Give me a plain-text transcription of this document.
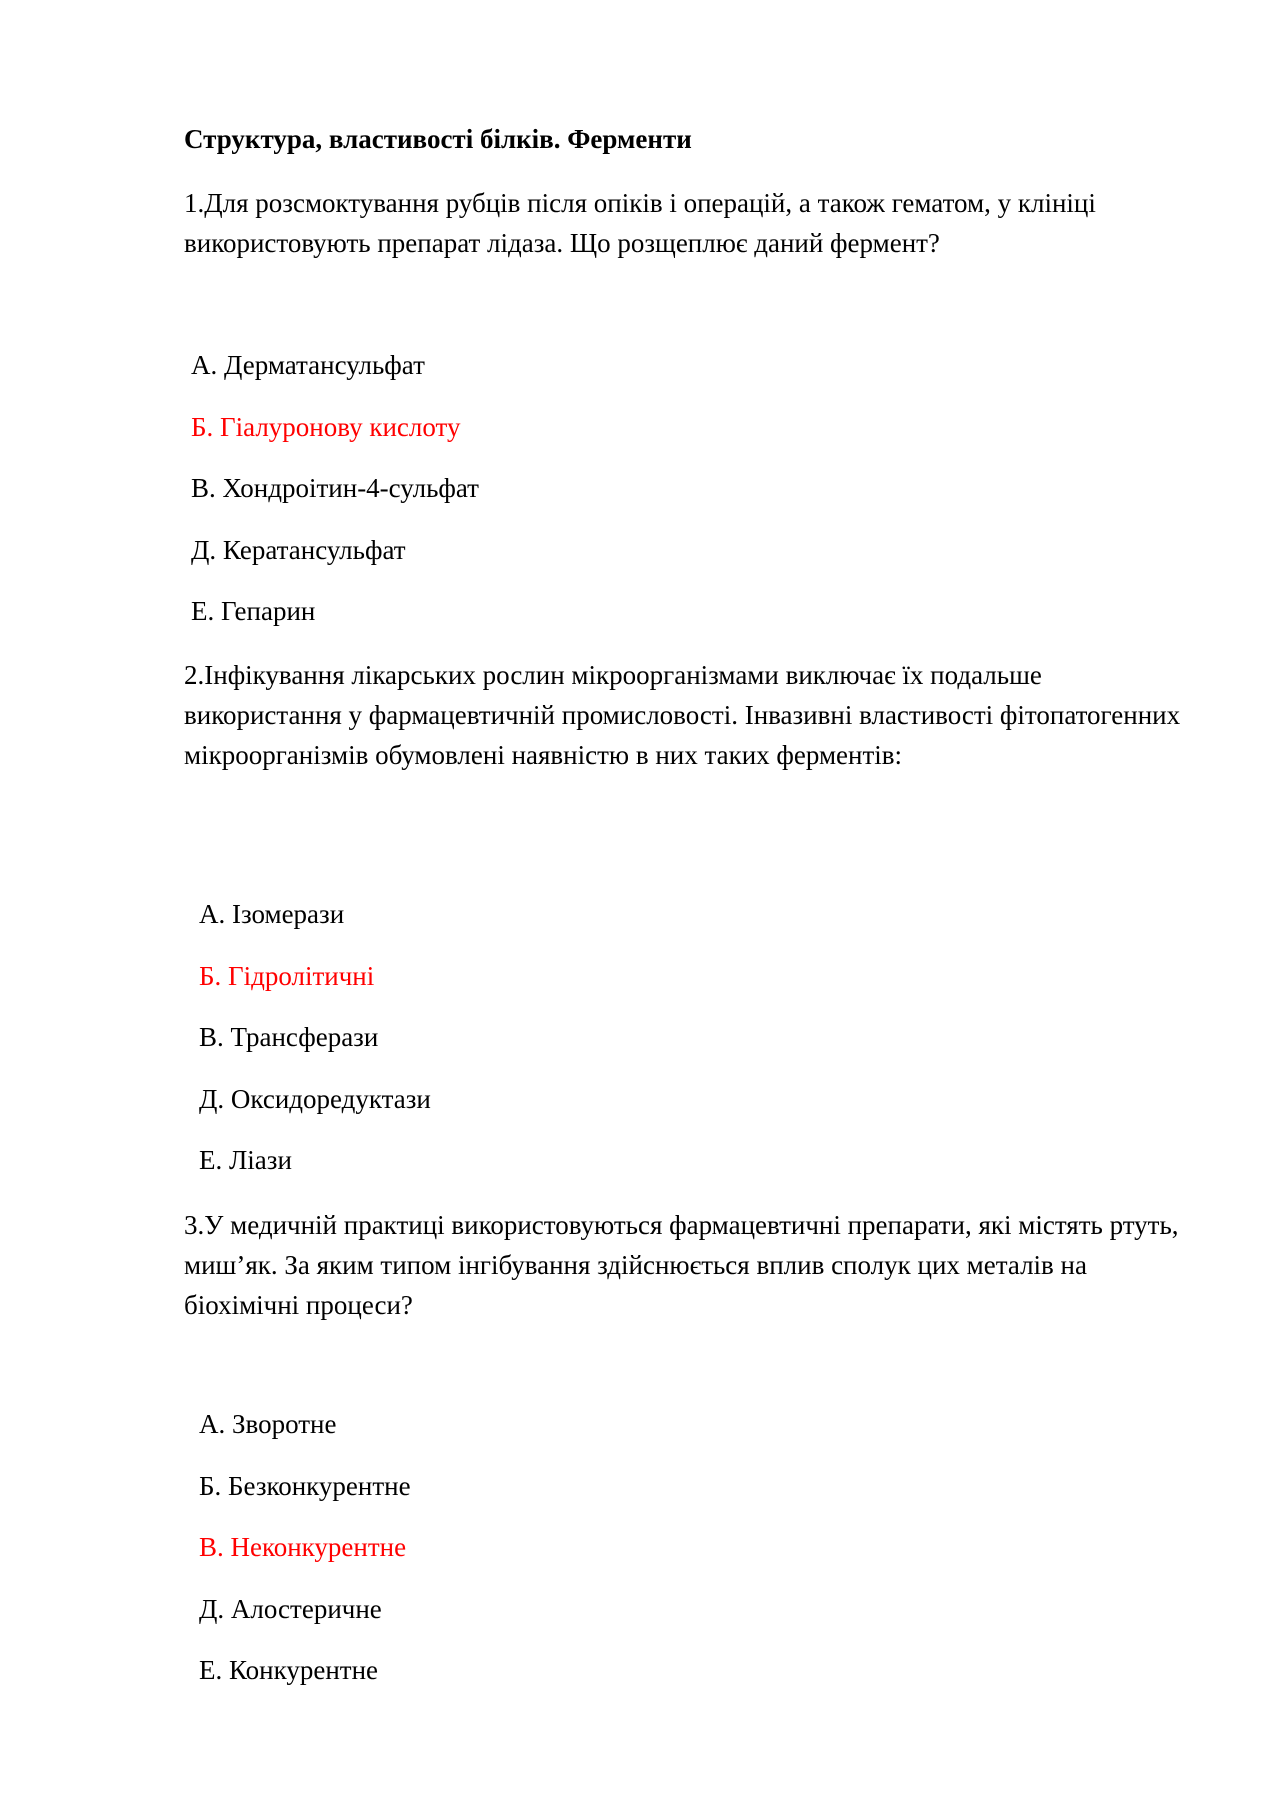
Структура, властивості білків. Ферменти
1.Для розсмоктування рубців після опіків і операцій, а також гематом, у клініці використовують препарат лідаза. Що розщеплює даний фермент?
А. Дерматансульфат
Б. Гіалуронову кислоту
В. Хондроітин-4-сульфат
Д. Кератансульфат
Е. Гепарин
2.Інфікування лікарських рослин мікроорганізмами виключає їх подальше використання у фармацевтичній промисловості. Інвазивні властивості фітопатогенних мікроорганізмів обумовлені наявністю в них таких ферментів:
А. Ізомерази
Б. Гідролітичні
В. Трансферази
Д. Оксидоредуктази
Е. Ліази
3.У медичній практиці використовуються фармацевтичні препарати, які містять ртуть, миш’як. За яким типом інгібування здійснюється вплив сполук цих металів на біохімічні процеси?
А. Зворотне
Б. Безконкурентне
В. Неконкурентне
Д. Алостеричне
Е. Конкурентне
